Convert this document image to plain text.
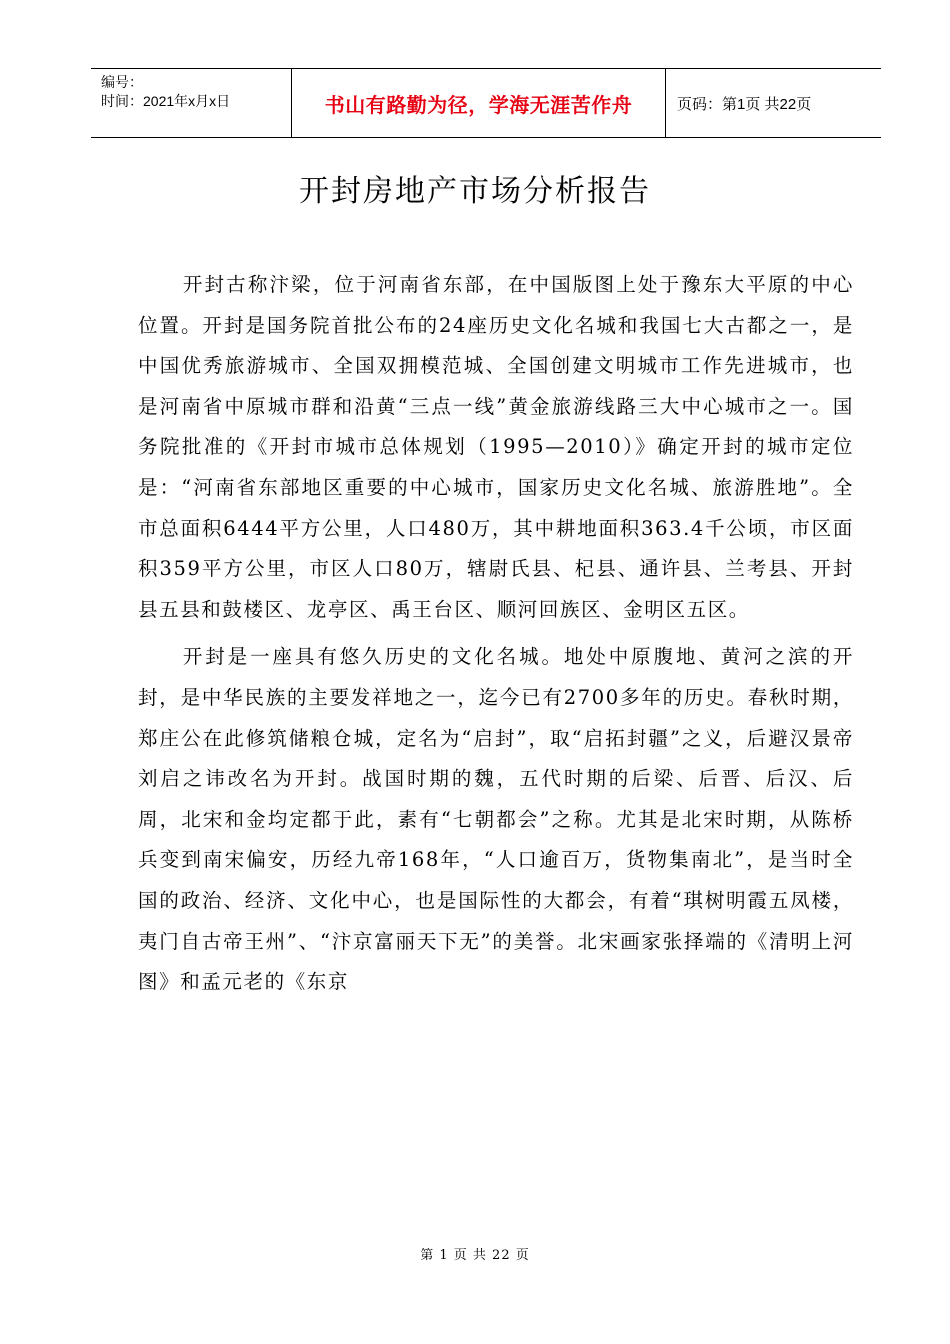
编号：
时间：2021年x月x日	书山有路勤为径，学海无涯苦作舟	页码：第1页 共22页
开封房地产市场分析报告

开封古称汴梁，位于河南省东部，在中国版图上处于豫东大平原的中心位置。开封是国务院首批公布的24座历史文化名城和我国七大古都之一，是中国优秀旅游城市、全国双拥模范城、全国创建文明城市工作先进城市，也是河南省中原城市群和沿黄“三点一线”黄金旅游线路三大中心城市之一。国务院批准的《开封市城市总体规划（1995—2010）》确定开封的城市定位是：“河南省东部地区重要的中心城市，国家历史文化名城、旅游胜地”。全市总面积6444平方公里，人口480万，其中耕地面积363.4千公顷，市区面积359平方公里，市区人口80万，辖尉氏县、杞县、通许县、兰考县、开封县五县和鼓楼区、龙亭区、禹王台区、顺河回族区、金明区五区。

开封是一座具有悠久历史的文化名城。地处中原腹地、黄河之滨的开封，是中华民族的主要发祥地之一，迄今已有2700多年的历史。春秋时期，郑庄公在此修筑储粮仓城，定名为“启封”，取“启拓封疆”之义，后避汉景帝刘启之讳改名为开封。战国时期的魏，五代时期的后梁、后晋、后汉、后周，北宋和金均定都于此，素有“七朝都会”之称。尤其是北宋时期，从陈桥兵变到南宋偏安，历经九帝168年，“人口逾百万，货物集南北”，是当时全国的政治、经济、文化中心，也是国际性的大都会，有着“琪树明霞五凤楼，夷门自古帝王州”、“汴京富丽天下无”的美誉。北宋画家张择端的《清明上河图》和孟元老的《东京

第 1 页 共 22 页
